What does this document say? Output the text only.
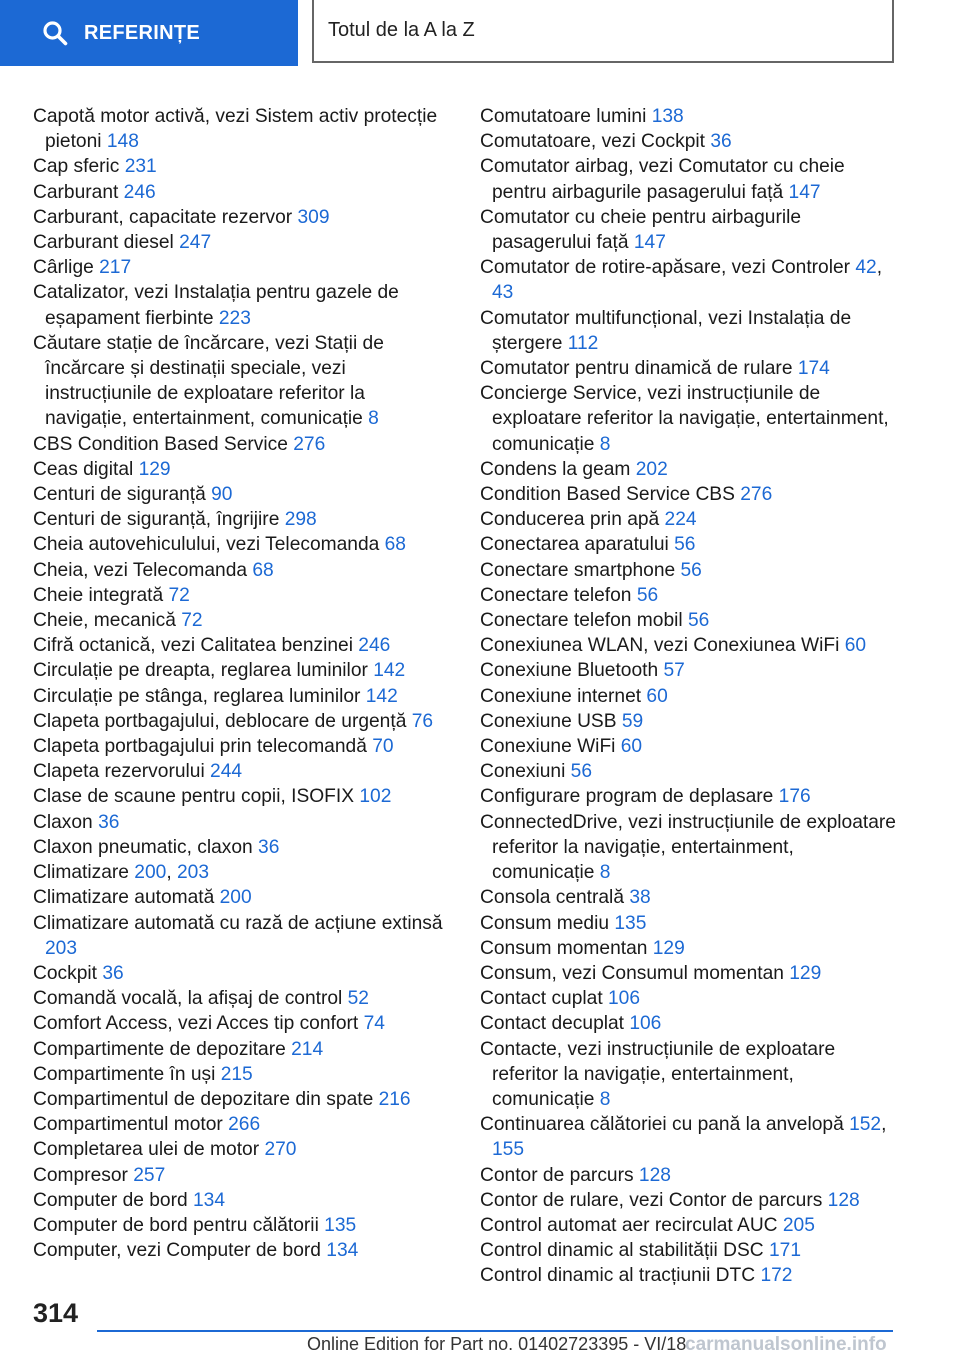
REFERINȚE	Totul de la A la Z
Capotă motor activă, vezi Sistem activ protecție pietoni 148
Cap sferic 231
Carburant 246
Carburant, capacitate rezervor 309
Carburant diesel 247
Cârlige 217
Catalizator, vezi Instalația pentru gazele de eșapament fierbinte 223
Căutare stație de încărcare, vezi Stații de încărcare și destinații speciale, vezi instrucțiunile de exploatare referitor la navigație, entertainment, comunicație 8
CBS Condition Based Service 276
Ceas digital 129
Centuri de siguranță 90
Centuri de siguranță, îngrijire 298
Cheia autovehiculului, vezi Telecomanda 68
Cheia, vezi Telecomanda 68
Cheie integrată 72
Cheie, mecanică 72
Cifră octanică, vezi Calitatea benzinei 246
Circulație pe dreapta, reglarea luminilor 142
Circulație pe stânga, reglarea luminilor 142
Clapeta portbagajului, deblocare de urgență 76
Clapeta portbagajului prin telecomandă 70
Clapeta rezervorului 244
Clase de scaune pentru copii, ISOFIX 102
Claxon 36
Claxon pneumatic, claxon 36
Climatizare 200, 203
Climatizare automată 200
Climatizare automată cu rază de acțiune extinsă 203
Cockpit 36
Comandă vocală, la afișaj de control 52
Comfort Access, vezi Acces tip confort 74
Compartimente de depozitare 214
Compartimente în uși 215
Compartimentul de depozitare din spate 216
Compartimentul motor 266
Completarea ulei de motor 270
Compresor 257
Computer de bord 134
Computer de bord pentru călătorii 135
Computer, vezi Computer de bord 134
Comutatoare lumini 138
Comutatoare, vezi Cockpit 36
Comutator airbag, vezi Comutator cu cheie pentru airbagurile pasagerului față 147
Comutator cu cheie pentru airbagurile pasagerului față 147
Comutator de rotire-apăsare, vezi Controler 42, 43
Comutator multifuncțional, vezi Instalația de ștergere 112
Comutator pentru dinamică de rulare 174
Concierge Service, vezi instrucțiunile de exploatare referitor la navigație, entertainment, comunicație 8
Condens la geam 202
Condition Based Service CBS 276
Conducerea prin apă 224
Conectarea aparatului 56
Conectare smartphone 56
Conectare telefon 56
Conectare telefon mobil 56
Conexiunea WLAN, vezi Conexiunea WiFi 60
Conexiune Bluetooth 57
Conexiune internet 60
Conexiune USB 59
Conexiune WiFi 60
Conexiuni 56
Configurare program de deplasare 176
ConnectedDrive, vezi instrucțiunile de exploatare referitor la navigație, entertainment, comunicație 8
Consola centrală 38
Consum mediu 135
Consum momentan 129
Consum, vezi Consumul momentan 129
Contact cuplat 106
Contact decuplat 106
Contacte, vezi instrucțiunile de exploatare referitor la navigație, entertainment, comunicație 8
Continuarea călătoriei cu pană la anvelopă 152, 155
Contor de parcurs 128
Contor de rulare, vezi Contor de parcurs 128
Control automat aer recirculat AUC 205
Control dinamic al stabilității DSC 171
Control dinamic al tracțiunii DTC 172
314
Online Edition for Part no. 01402723395 - VI/18
carmanualsonline.info
